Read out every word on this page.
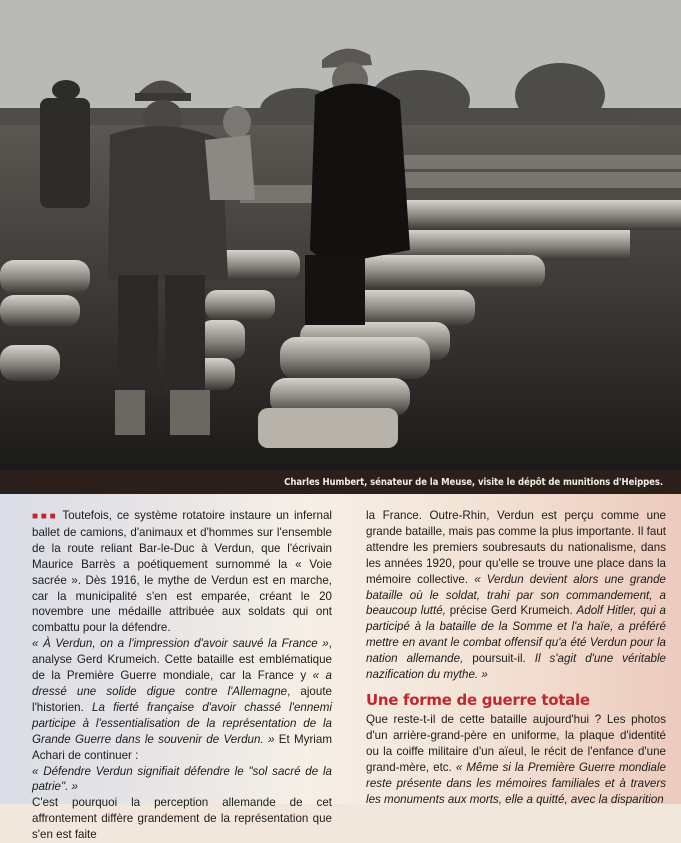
Charles Humbert, sénateur de la Meuse, visite le dépôt de munitions d'Heippes.

■■■ Toutefois, ce système rotatoire instaure un infernal ballet de camions, d'animaux et d'hommes sur l'ensemble de la route reliant Bar-le-Duc à Verdun, que l'écrivain Maurice Barrès a poétiquement surnommé la « Voie sacrée ». Dès 1916, le mythe de Verdun est en marche, car la municipalité s'en est emparée, créant le 20 novembre une médaille attribuée aux soldats qui ont combattu pour la défendre.

« À Verdun, on a l'impression d'avoir sauvé la France », analyse Gerd Krumeich. Cette bataille est emblématique de la Première Guerre mondiale, car la France y « a dressé une solide digue contre l'Allemagne, ajoute l'historien. La fierté française d'avoir chassé l'ennemi participe à l'essentialisation de la représentation de la Grande Guerre dans le souvenir de Verdun. » Et Myriam Achari de continuer :
« Défendre Verdun signifiait défendre le "sol sacré de la patrie". »

C'est pourquoi la perception allemande de cet affrontement diffère grandement de la représentation que s'en est faite

la France. Outre-Rhin, Verdun est perçu comme une grande bataille, mais pas comme la plus importante. Il faut attendre les premiers soubresauts du nationalisme, dans les années 1920, pour qu'elle se trouve une place dans la mémoire collective. « Verdun devient alors une grande bataille où le soldat, trahi par son commandement, a beaucoup lutté, précise Gerd Krumeich. Adolf Hitler, qui a participé à la bataille de la Somme et l'a haïe, a préféré mettre en avant le combat offensif qu'a été Verdun pour la nation allemande, poursuit-il. Il s'agit d'une véritable nazification du mythe. »

Une forme de guerre totale

Que reste-t-il de cette bataille aujourd'hui ? Les photos d'un arrière-grand-père en uniforme, la plaque d'identité ou la coiffe militaire d'un aïeul, le récit de l'enfance d'une grand-mère, etc. « Même si la Première Guerre mondiale reste présente dans les mémoires familiales et à travers les monuments aux morts, elle a quitté, avec la disparition
